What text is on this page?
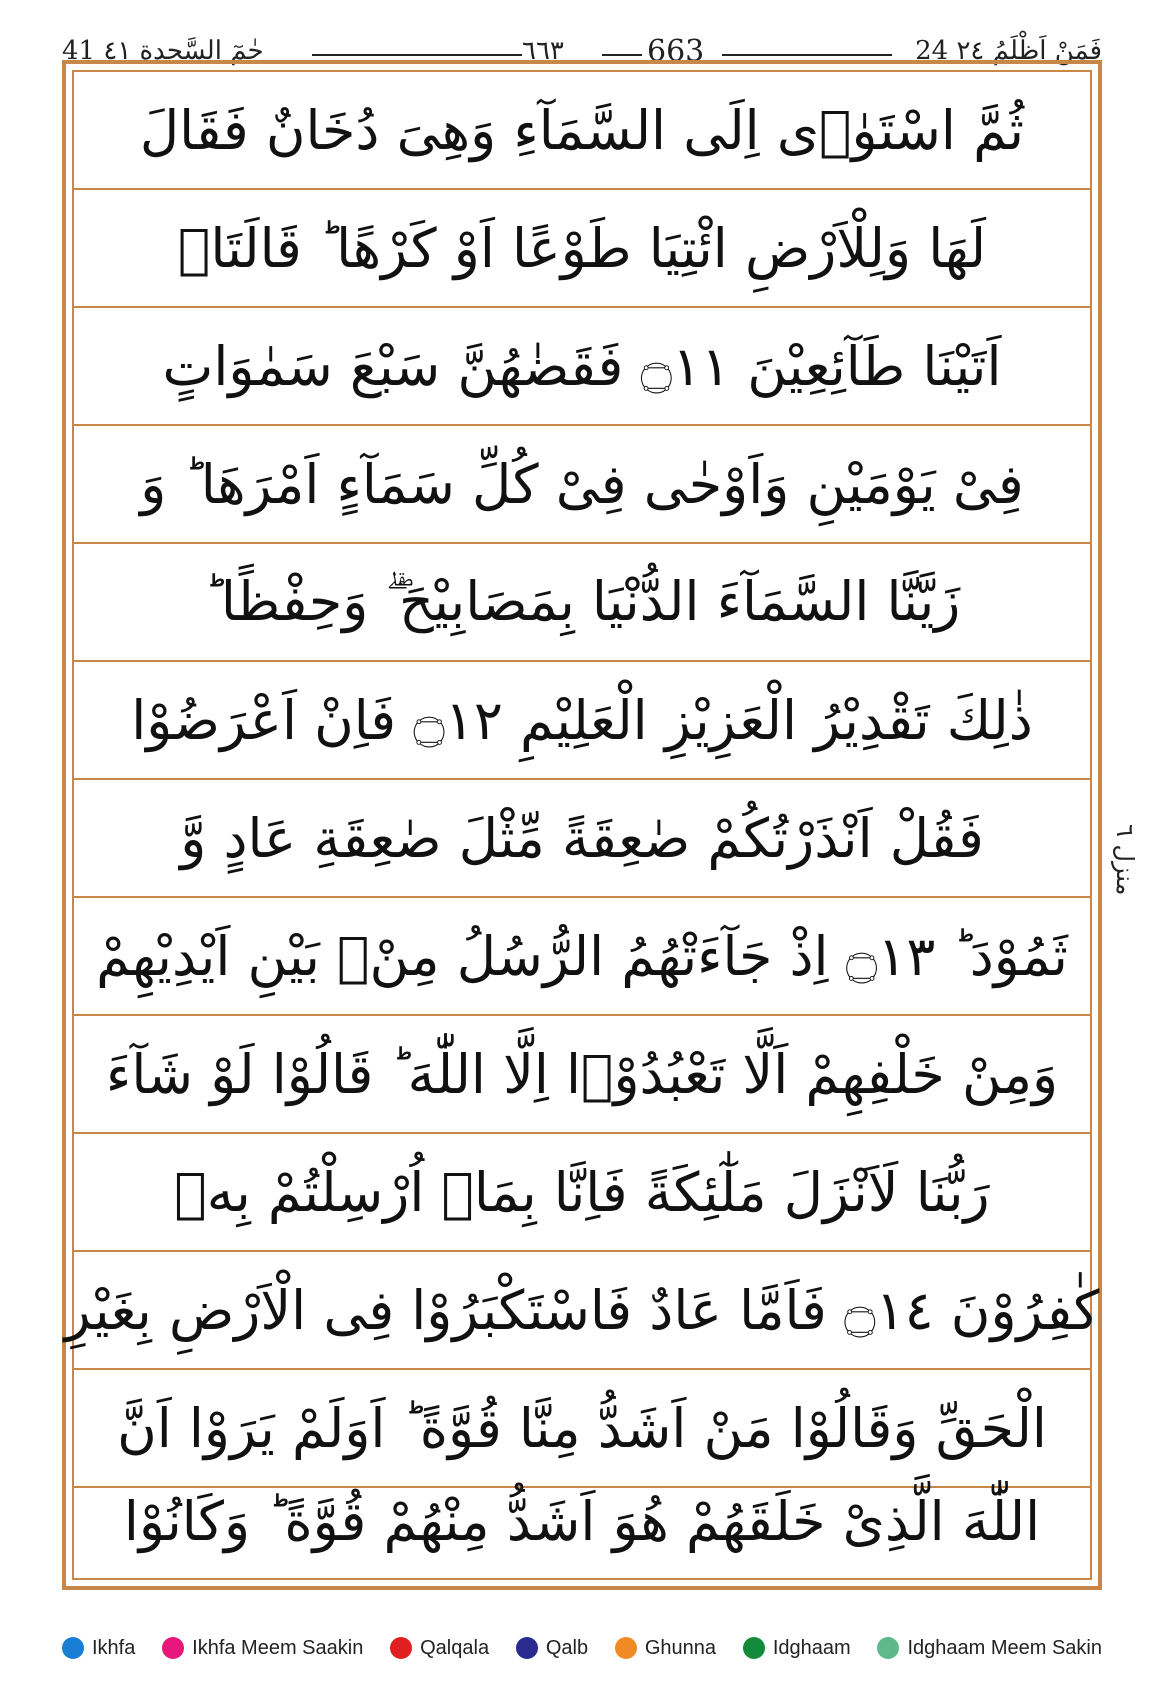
24 فَمَنْ اَظْلَمُ ٢٤
٦٦٣	663
41 حٰمٓ السَّجدة ٤١
ثُمَّ اسْتَوٰۤى اِلَى السَّمَآءِ وَهِىَ دُخَانٌ فَقَالَ
لَهَا وَلِلْاَرْضِ ائْتِيَا طَوْعًا اَوْ كَرْهًا ؕ قَالَتَاۤ
اَتَيْنَا طَآئِعِيْنَ ۝١١ فَقَضٰهُنَّ سَبْعَ سَمٰوَاتٍ
فِىْ يَوْمَيْنِ وَاَوْحٰى فِىْ كُلِّ سَمَآءٍ اَمْرَهَا ؕ وَ
زَيَّنَّا السَّمَآءَ الدُّنْيَا بِمَصَابِيْحَ ۖۗ وَحِفْظًا ؕ
ذٰلِكَ تَقْدِيْرُ الْعَزِيْزِ الْعَلِيْمِ ۝١٢ فَاِنْ اَعْرَضُوْا
فَقُلْ اَنْذَرْتُكُمْ صٰعِقَةً مِّثْلَ صٰعِقَةِ عَادٍ وَّ
ثَمُوْدَ ؕ ۝١٣ اِذْ جَآءَتْهُمُ الرُّسُلُ مِنْۢ بَيْنِ اَيْدِيْهِمْ
وَمِنْ خَلْفِهِمْ اَلَّا تَعْبُدُوْۤا اِلَّا اللّٰهَ ؕ قَالُوْا لَوْ شَآءَ
رَبُّنَا لَاَنْزَلَ مَلٰٓئِكَةً فَاِنَّا بِمَاۤ اُرْسِلْتُمْ بِهٖ
كٰفِرُوْنَ ۝١٤ فَاَمَّا عَادٌ فَاسْتَكْبَرُوْا فِى الْاَرْضِ بِغَيْرِ
الْحَقِّ وَقَالُوْا مَنْ اَشَدُّ مِنَّا قُوَّةً ؕ اَوَلَمْ يَرَوْا اَنَّ
اللّٰهَ الَّذِىْ خَلَقَهُمْ هُوَ اَشَدُّ مِنْهُمْ قُوَّةً ؕ وَكَانُوْا
منزل ٦
Ikhfa	Ikhfa Meem Saakin	Qalqala	Qalb	Ghunna	Idghaam	Idghaam Meem Sakin
